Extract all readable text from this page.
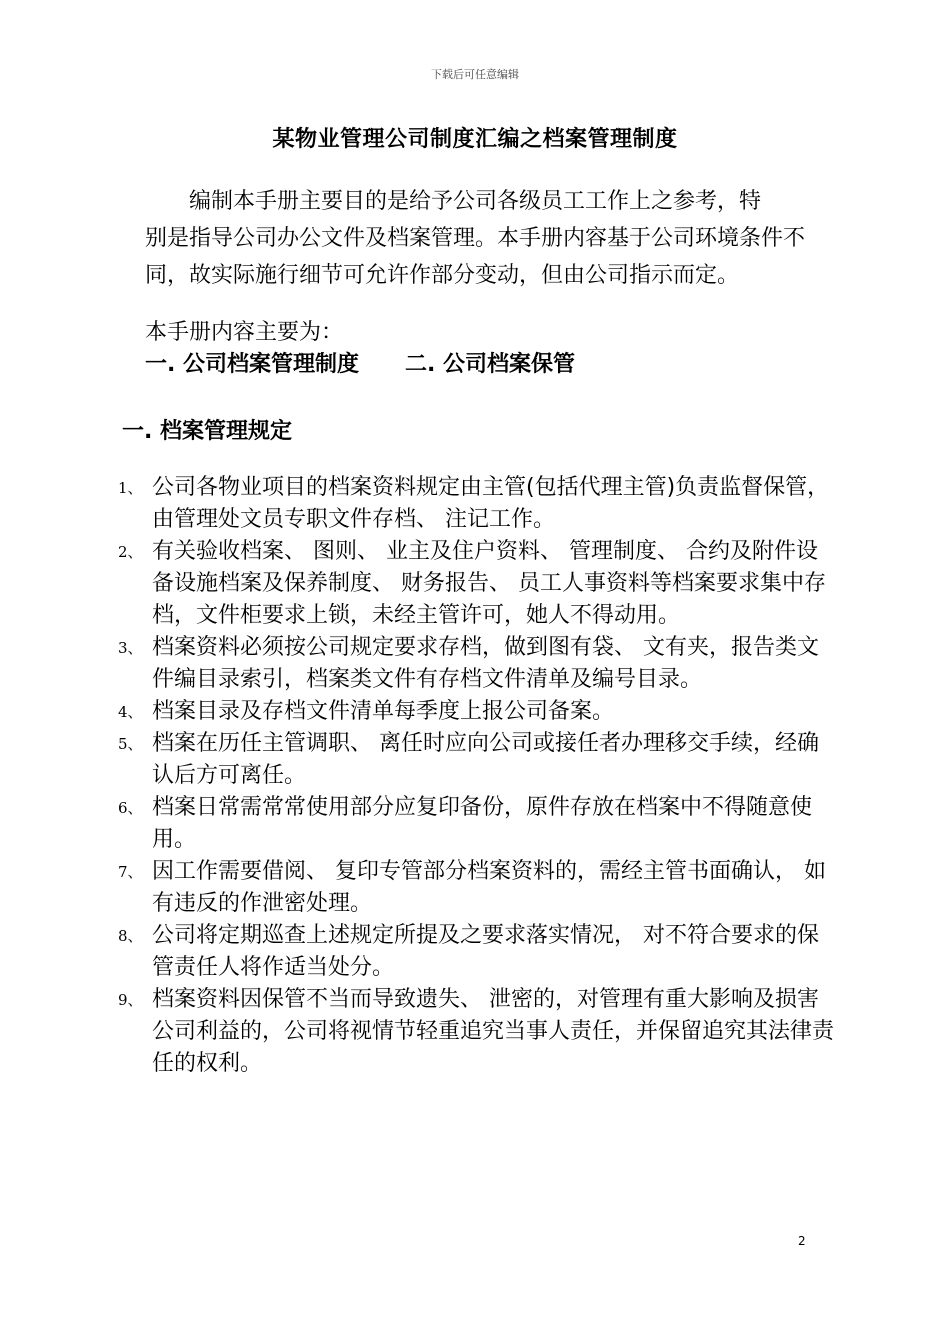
下载后可任意编辑
某物业管理公司制度汇编之档案管理制度
编制本手册主要目的是给予公司各级员工工作上之参考，特
别是指导公司办公文件及档案管理。本手册内容基于公司环境条件不同，故实际施行细节可允许作部分变动，但由公司指示而定。
本手册内容主要为：
一. 公司档案管理制度 二. 公司档案保管
一. 档案管理规定
1、 公司各物业项目的档案资料规定由主管(包括代理主管)负责监督保管，由管理处文员专职文件存档、 注记工作。
2、 有关验收档案、 图则、 业主及住户资料、 管理制度、 合约及附件设备设施档案及保养制度、 财务报告、 员工人事资料等档案要求集中存档，文件柜要求上锁，未经主管许可，她人不得动用。
3、 档案资料必须按公司规定要求存档，做到图有袋、 文有夹，报告类文件编目录索引，档案类文件有存档文件清单及编号目录。
4、 档案目录及存档文件清单每季度上报公司备案。
5、 档案在历任主管调职、 离任时应向公司或接任者办理移交手续，经确认后方可离任。
6、 档案日常需常常使用部分应复印备份，原件存放在档案中不得随意使用。
7、 因工作需要借阅、 复印专管部分档案资料的，需经主管书面确认， 如有违反的作泄密处理。
8、 公司将定期巡查上述规定所提及之要求落实情况， 对不符合要求的保管责任人将作适当处分。
9、 档案资料因保管不当而导致遗失、 泄密的，对管理有重大影响及损害公司利益的，公司将视情节轻重追究当事人责任，并保留追究其法律责任的权利。
2
